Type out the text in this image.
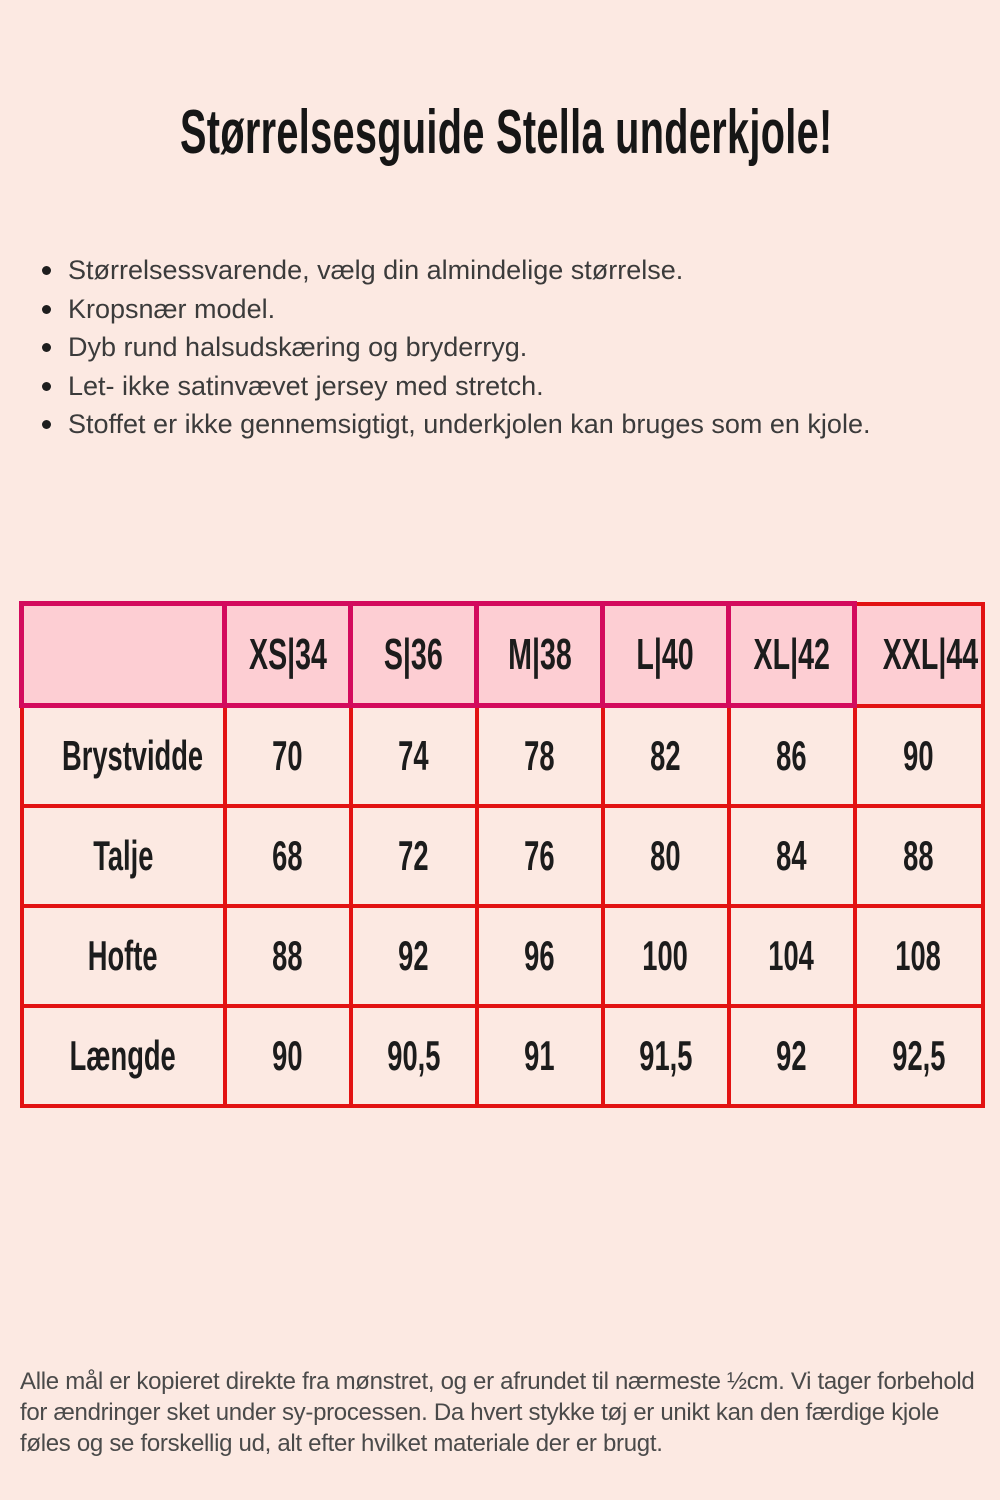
Størrelsesguide Stella underkjole!
Størrelsessvarende, vælg din almindelige størrelse.
Kropsnær model.
Dyb rund halsudskæring og bryderryg.
Let- ikke satinvævet jersey med stretch.
Stoffet er ikke gennemsigtigt, underkjolen kan bruges som en kjole.
	XS|34	S|36	M|38	L|40	XL|42	XXL|44
Brystvidde	70	74	78	82	86	90
Talje	68	72	76	80	84	88
Hofte	88	92	96	100	104	108
Længde	90	90,5	91	91,5	92	92,5

Alle mål er kopieret direkte fra mønstret, og er afrundet til nærmeste ½cm. Vi tager forbehold for ændringer sket under sy-processen. Da hvert stykke tøj er unikt kan den færdige kjole føles og se forskellig ud, alt efter hvilket materiale der er brugt.
